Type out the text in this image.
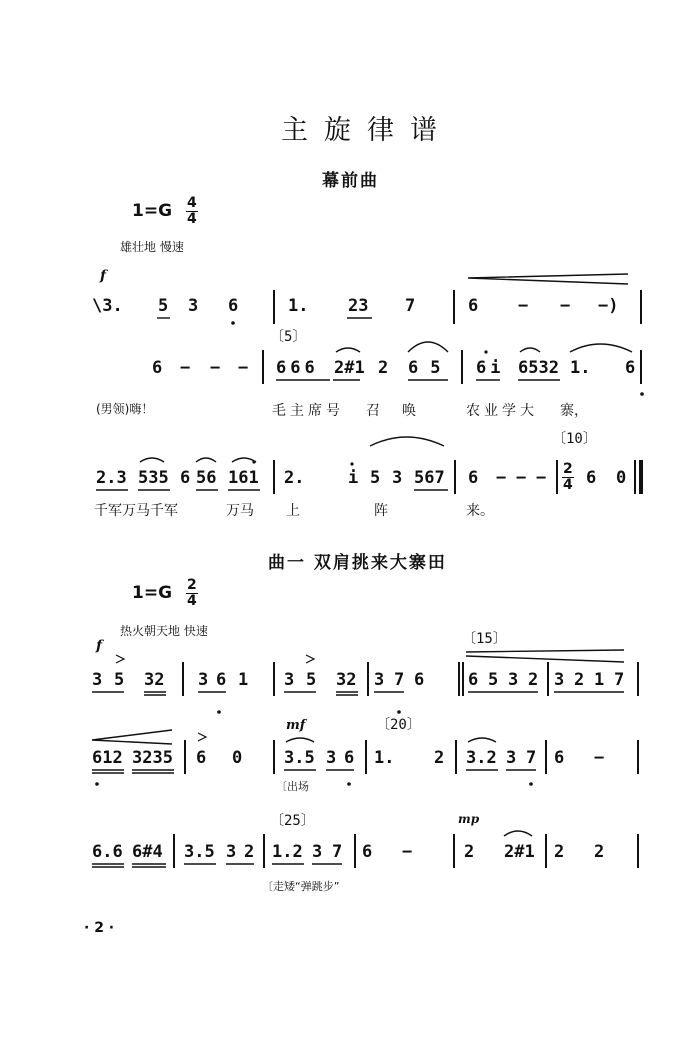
主旋律谱
幕前曲
$1=G \frac{4}{4}$
雄壮地 慢速
f
\3. 5 3 6	1. 23 7	6 − − −)
〔5〕
6 − − − 666 2#1 2 65 6i 6532 1. 6
(男领)嗨！	毛主席号 召 唤	农业学大 寨，
〔10〕
2.3 535 6 56 161 2.	i 5 3 567 6 − − − 6 0
$\frac{2}{4}$
千军万马千军	万马 上	阵	来。
曲一 双肩挑来大寨田
$1=G \frac{2}{4}$
热火朝天地 快速
f	〔15〕
3 5 32 3 6 1 3 5 32 3 7 6	6 5 3 2 3 2 1 7
mf	〔20〕
612 3235 6 0 3.5 3 6 1. 2 3.2 3 7 6 −
〔出场
〔25〕	mp
6.6 6#4 3.5 3 2 1.2 3 7 6 −	2 2#1 2 2
〔走矮“弹跳步”
· 2 ·
